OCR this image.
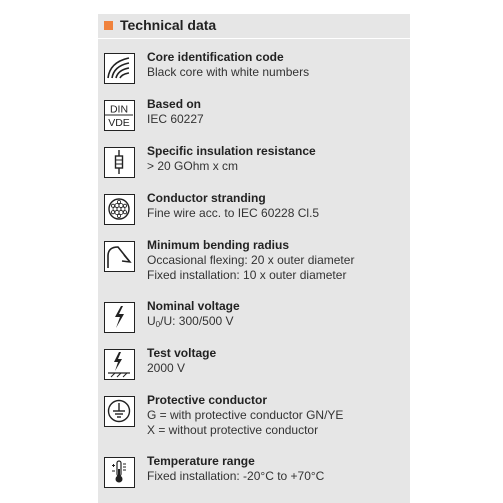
Technical data
Core identification code
Black core with white numbers
DIN
VDE
Based on
IEC 60227
Specific insulation resistance
> 20 GOhm x cm
Conductor stranding
Fine wire acc. to IEC 60228 Cl.5
Minimum bending radius
Occasional flexing: 20 x outer diameter
Fixed installation: 10 x outer diameter
Nominal voltage
$U_0/U$: 300/500 V
Test voltage
2000 V
Protective conductor
G = with protective conductor GN/YE
X = without protective conductor
Temperature range
Fixed installation: -20°C to +70°C
